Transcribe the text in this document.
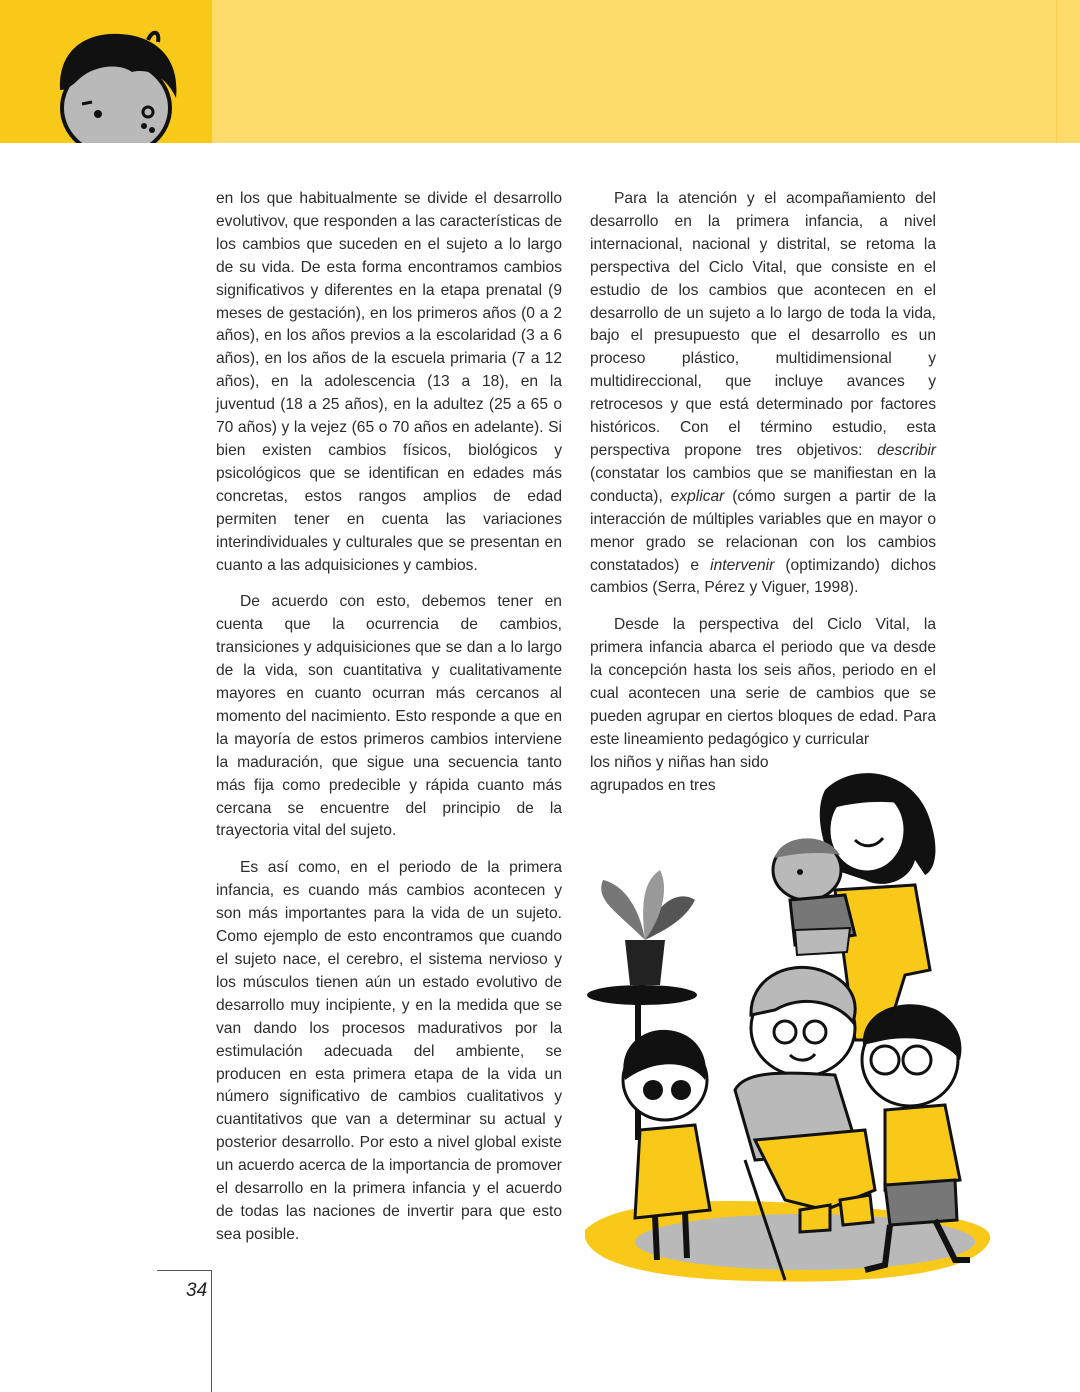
en los que habitualmente se divide el desarrollo evolutivov, que responden a las características de los cambios que suceden en el sujeto a lo largo de su vida. De esta forma encontramos cambios significativos y diferentes en la etapa prenatal (9 meses de gestación), en los primeros años (0 a 2 años), en los años previos a la escolaridad (3 a 6 años), en los años de la escuela primaria (7 a 12 años), en la adolescencia (13 a 18), en la juventud (18 a 25 años), en la adultez (25 a 65 o 70 años) y la vejez (65 o 70 años en adelante). Si bien existen cambios físicos, biológicos y psicológicos que se identifican en edades más concretas, estos rangos amplios de edad permiten tener en cuenta las variaciones interindividuales y culturales que se presentan en cuanto a las adquisiciones y cambios.

De acuerdo con esto, debemos tener en cuenta que la ocurrencia de cambios, transiciones y adquisiciones que se dan a lo largo de la vida, son cuantitativa y cualitativamente mayores en cuanto ocurran más cercanos al momento del nacimiento. Esto responde a que en la mayoría de estos primeros cambios interviene la maduración, que sigue una secuencia tanto más fija como predecible y rápida cuanto más cercana se encuentre del principio de la trayectoria vital del sujeto.

Es así como, en el periodo de la primera infancia, es cuando más cambios acontecen y son más importantes para la vida de un sujeto. Como ejemplo de esto encontramos que cuando el sujeto nace, el cerebro, el sistema nervioso y los músculos tienen aún un estado evolutivo de desarrollo muy incipiente, y en la medida que se van dando los procesos madurativos por la estimulación adecuada del ambiente, se producen en esta primera etapa de la vida un número significativo de cambios cualitativos y cuantitativos que van a determinar su actual y posterior desarrollo. Por esto a nivel global existe un acuerdo acerca de la importancia de promover el desarrollo en la primera infancia y el acuerdo de todas las naciones de invertir para que esto sea posible.

Para la atención y el acompañamiento del desarrollo en la primera infancia, a nivel internacional, nacional y distrital, se retoma la perspectiva del Ciclo Vital, que consiste en el estudio de los cambios que acontecen en el desarrollo de un sujeto a lo largo de toda la vida, bajo el presupuesto que el desarrollo es un proceso plástico, multidimensional y multidireccional, que incluye avances y retrocesos y que está determinado por factores históricos. Con el término estudio, esta perspectiva propone tres objetivos: describir (constatar los cambios que se manifiestan en la conducta), explicar (cómo surgen a partir de la interacción de múltiples variables que en mayor o menor grado se relacionan con los cambios constatados) e intervenir (optimizando) dichos cambios (Serra, Pérez y Viguer, 1998).

Desde la perspectiva del Ciclo Vital, la primera infancia abarca el periodo que va desde la concepción hasta los seis años, periodo en el cual acontecen una serie de cambios que se pueden agrupar en ciertos bloques de edad. Para este lineamiento pedagógico y curricular

los niños y niñas han sido
agrupados en tres
34
